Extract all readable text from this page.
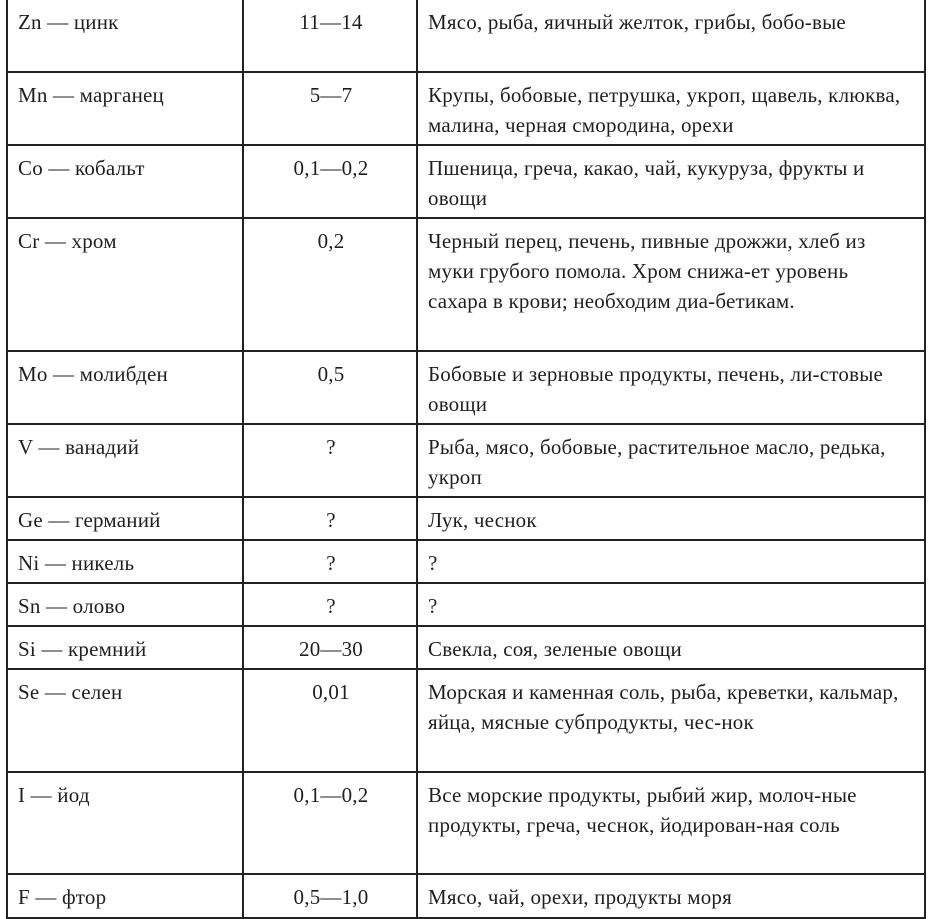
Zn — цинк	11—14	Мясо, рыба, яичный желток, грибы, бобо-вые
Mn — марганец	5—7	Крупы, бобовые, петрушка, укроп, щавель, клюква, малина, черная смородина, орехи
Co — кобальт	0,1—0,2	Пшеница, греча, какао, чай, кукуруза, фрукты и овощи
Cr — хром	0,2	Черный перец, печень, пивные дрожжи, хлеб из муки грубого помола. Хром снижа-ет уровень сахара в крови; необходим диа-бетикам.
Mo — молибден	0,5	Бобовые и зерновые продукты, печень, ли-стовые овощи
V — ванадий	?	Рыба, мясо, бобовые, растительное масло, редька, укроп
Ge — германий	?	Лук, чеснок
Ni — никель	?	?
Sn — олово	?	?
Si — кремний	20—30	Свекла, соя, зеленые овощи
Se — селен	0,01	Морская и каменная соль, рыба, креветки, кальмар, яйца, мясные субпродукты, чес-нок
I — йод	0,1—0,2	Все морские продукты, рыбий жир, молоч-ные продукты, греча, чеснок, йодирован-ная соль
F — фтор	0,5—1,0	Мясо, чай, орехи, продукты моря
